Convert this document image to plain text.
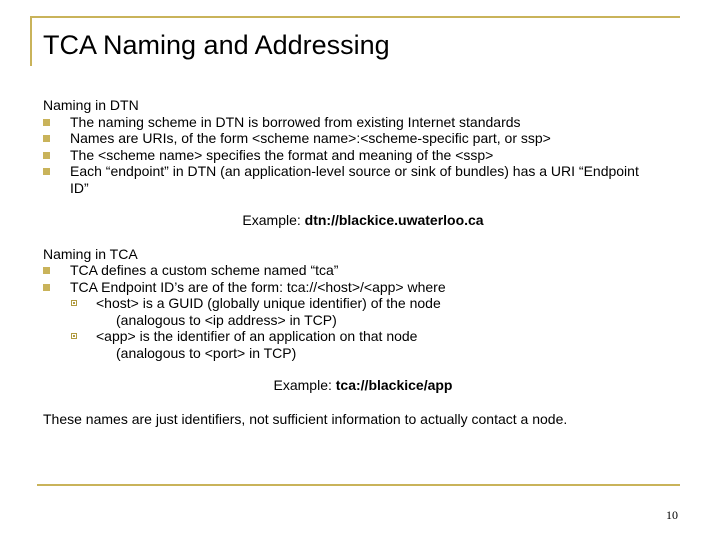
TCA Naming and Addressing
Naming in DTN
The naming scheme in DTN is borrowed from existing Internet standards
Names are URIs, of the form <scheme name>:<scheme-specific part, or ssp>
The <scheme name> specifies the format and meaning of the <ssp>
Each “endpoint” in DTN (an application-level source or sink of bundles) has a URI “Endpoint ID”
Example: dtn://blackice.uwaterloo.ca
Naming in TCA
TCA defines a custom scheme named “tca”
TCA Endpoint ID’s are of the form: tca://<host>/<app> where
<host> is a GUID (globally unique identifier) of the node
(analogous to <ip address> in TCP)
<app> is the identifier of an application on that node
(analogous to <port> in TCP)
Example: tca://blackice/app
These names are just identifiers, not sufficient information to actually contact a node.
10
